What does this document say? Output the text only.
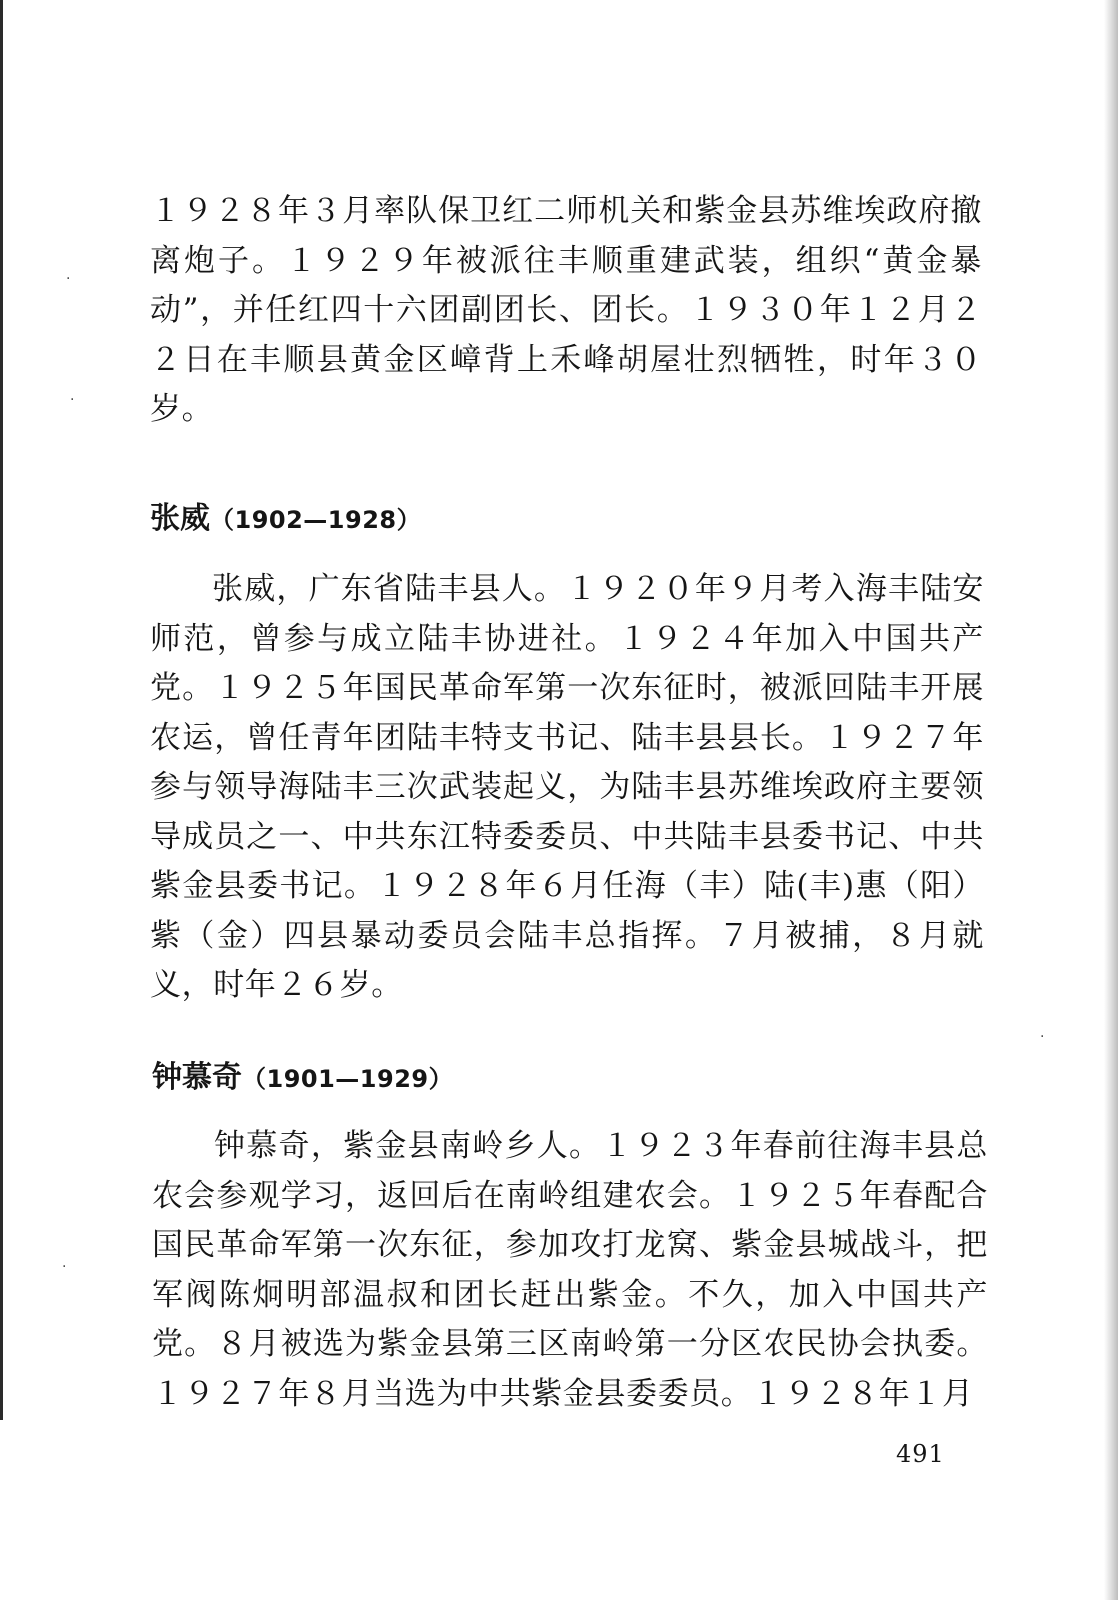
·
·
·
·

１９２８年３月率队保卫红二师机关和紫金县苏维埃政府撤离炮子。１９２９年被派往丰顺重建武装，组织“黄金暴动”，并任红四十六团副团长、团长。１９３０年１２月２２日在丰顺县黄金区嶂背上禾峰胡屋壮烈牺牲，时年３０岁。

张威（1902—1928）

张威，广东省陆丰县人。１９２０年９月考入海丰陆安师范，曾参与成立陆丰协进社。１９２４年加入中国共产党。１９２５年国民革命军第一次东征时，被派回陆丰开展农运，曾任青年团陆丰特支书记、陆丰县县长。１９２７年参与领导海陆丰三次武装起义，为陆丰县苏维埃政府主要领导成员之一、中共东江特委委员、中共陆丰县委书记、中共紫金县委书记。１９２８年６月任海（丰）陆(丰)惠（阳）紫（金）四县暴动委员会陆丰总指挥。７月被捕，８月就义，时年２６岁。

钟慕奇（1901—1929）

钟慕奇，紫金县南岭乡人。１９２３年春前往海丰县总农会参观学习，返回后在南岭组建农会。１９２５年春配合国民革命军第一次东征，参加攻打龙窝、紫金县城战斗，把军阀陈炯明部温叔和团长赶出紫金。不久，加入中国共产党。８月被选为紫金县第三区南岭第一分区农民协会执委。１９２７年８月当选为中共紫金县委委员。１９２８年１月

491
